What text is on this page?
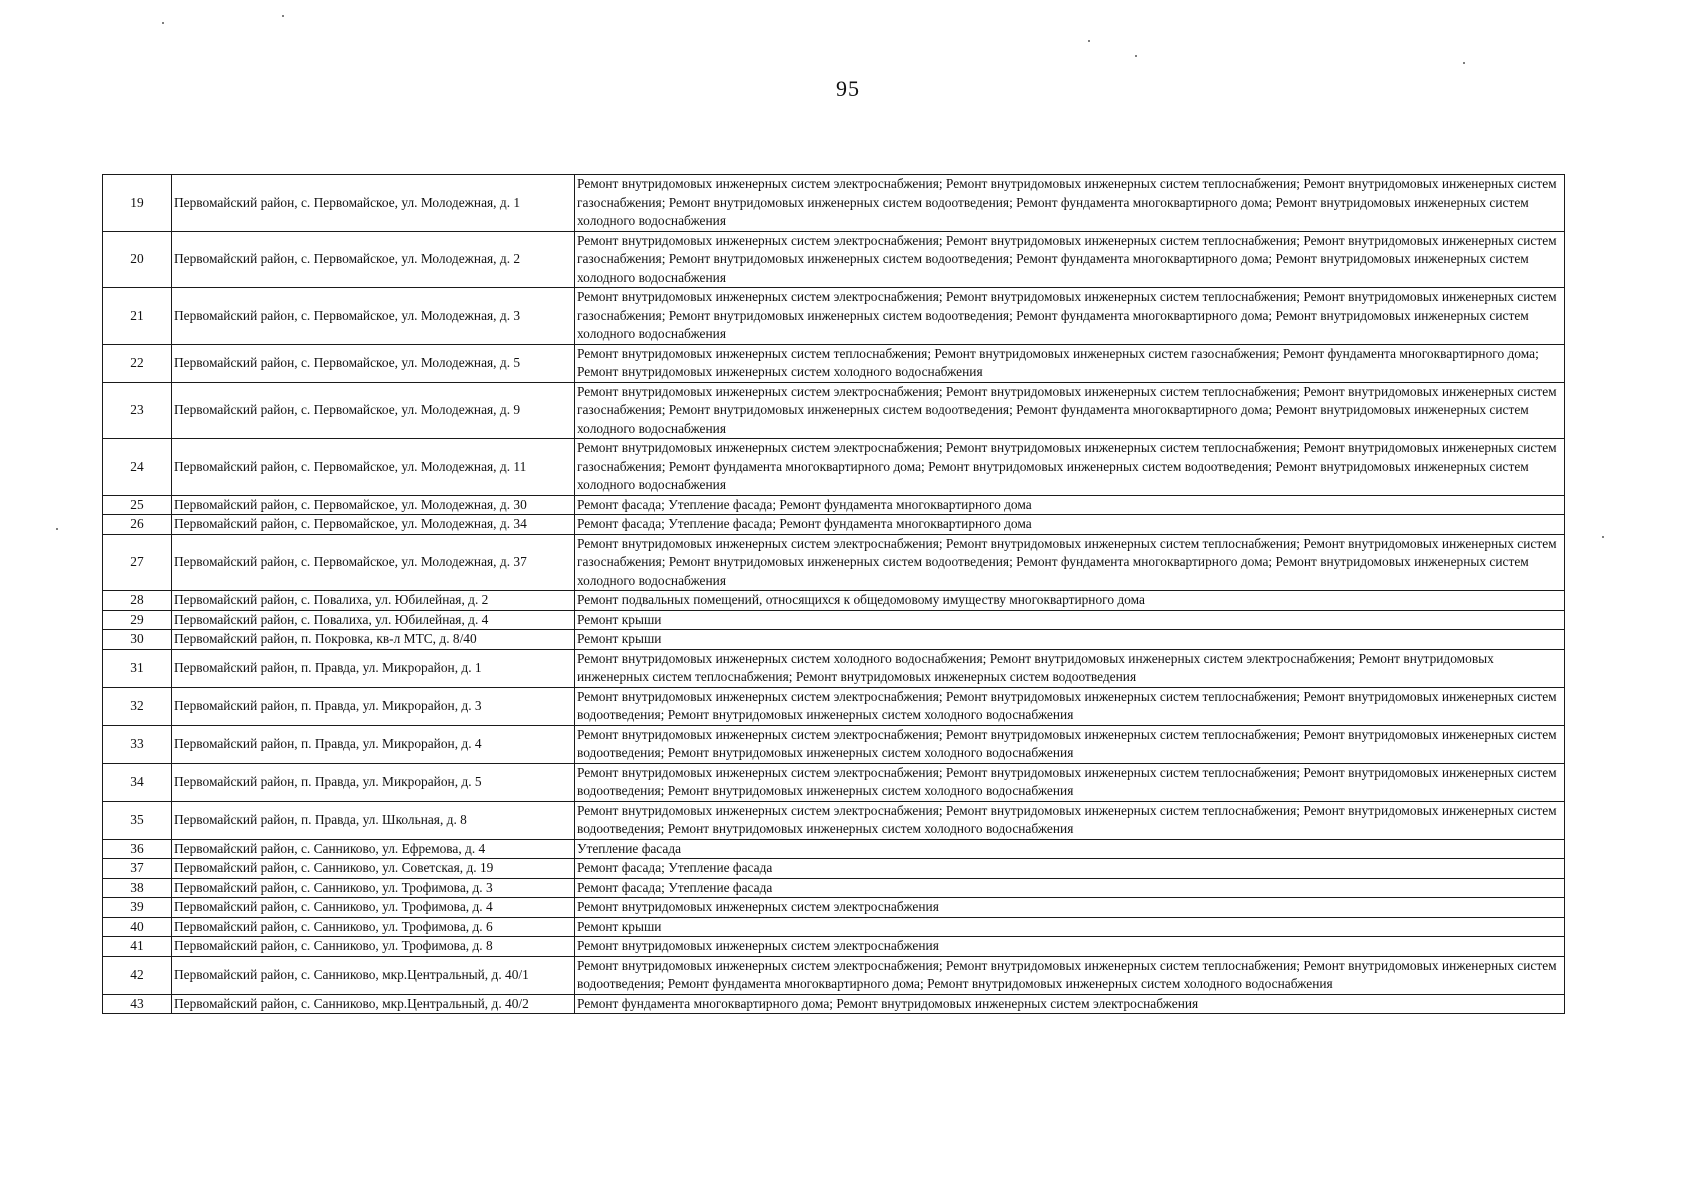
95
19	Первомайский район, с. Первомайское, ул. Молодежная, д. 1	Ремонт внутридомовых инженерных систем электроснабжения; Ремонт внутридомовых инженерных систем теплоснабжения; Ремонт внутридомовых инженерных систем газоснабжения; Ремонт внутридомовых инженерных систем водоотведения; Ремонт фундамента многоквартирного дома; Ремонт внутридомовых инженерных систем холодного водоснабжения
20	Первомайский район, с. Первомайское, ул. Молодежная, д. 2	Ремонт внутридомовых инженерных систем электроснабжения; Ремонт внутридомовых инженерных систем теплоснабжения; Ремонт внутридомовых инженерных систем газоснабжения; Ремонт внутридомовых инженерных систем водоотведения; Ремонт фундамента многоквартирного дома; Ремонт внутридомовых инженерных систем холодного водоснабжения
21	Первомайский район, с. Первомайское, ул. Молодежная, д. 3	Ремонт внутридомовых инженерных систем электроснабжения; Ремонт внутридомовых инженерных систем теплоснабжения; Ремонт внутридомовых инженерных систем газоснабжения; Ремонт внутридомовых инженерных систем водоотведения; Ремонт фундамента многоквартирного дома; Ремонт внутридомовых инженерных систем холодного водоснабжения
22	Первомайский район, с. Первомайское, ул. Молодежная, д. 5	Ремонт внутридомовых инженерных систем теплоснабжения; Ремонт внутридомовых инженерных систем газоснабжения; Ремонт фундамента многоквартирного дома; Ремонт внутридомовых инженерных систем холодного водоснабжения
23	Первомайский район, с. Первомайское, ул. Молодежная, д. 9	Ремонт внутридомовых инженерных систем электроснабжения; Ремонт внутридомовых инженерных систем теплоснабжения; Ремонт внутридомовых инженерных систем газоснабжения; Ремонт внутридомовых инженерных систем водоотведения; Ремонт фундамента многоквартирного дома; Ремонт внутридомовых инженерных систем холодного водоснабжения
24	Первомайский район, с. Первомайское, ул. Молодежная, д. 11	Ремонт внутридомовых инженерных систем электроснабжения; Ремонт внутридомовых инженерных систем теплоснабжения; Ремонт внутридомовых инженерных систем газоснабжения; Ремонт фундамента многоквартирного дома; Ремонт внутридомовых инженерных систем водоотведения; Ремонт внутридомовых инженерных систем холодного водоснабжения
25	Первомайский район, с. Первомайское, ул. Молодежная, д. 30	Ремонт фасада; Утепление фасада; Ремонт фундамента многоквартирного дома
26	Первомайский район, с. Первомайское, ул. Молодежная, д. 34	Ремонт фасада; Утепление фасада; Ремонт фундамента многоквартирного дома
27	Первомайский район, с. Первомайское, ул. Молодежная, д. 37	Ремонт внутридомовых инженерных систем электроснабжения; Ремонт внутридомовых инженерных систем теплоснабжения; Ремонт внутридомовых инженерных систем газоснабжения; Ремонт внутридомовых инженерных систем водоотведения; Ремонт фундамента многоквартирного дома; Ремонт внутридомовых инженерных систем холодного водоснабжения
28	Первомайский район, с. Повалиха, ул. Юбилейная, д. 2	Ремонт подвальных помещений, относящихся к общедомовому имуществу многоквартирного дома
29	Первомайский район, с. Повалиха, ул. Юбилейная, д. 4	Ремонт крыши
30	Первомайский район, п. Покровка, кв-л МТС, д. 8/40	Ремонт крыши
31	Первомайский район, п. Правда, ул. Микрорайон, д. 1	Ремонт внутридомовых инженерных систем холодного водоснабжения; Ремонт внутридомовых инженерных систем электроснабжения; Ремонт внутридомовых инженерных систем теплоснабжения; Ремонт внутридомовых инженерных систем водоотведения
32	Первомайский район, п. Правда, ул. Микрорайон, д. 3	Ремонт внутридомовых инженерных систем электроснабжения; Ремонт внутридомовых инженерных систем теплоснабжения; Ремонт внутридомовых инженерных систем водоотведения; Ремонт внутридомовых инженерных систем холодного водоснабжения
33	Первомайский район, п. Правда, ул. Микрорайон, д. 4	Ремонт внутридомовых инженерных систем электроснабжения; Ремонт внутридомовых инженерных систем теплоснабжения; Ремонт внутридомовых инженерных систем водоотведения; Ремонт внутридомовых инженерных систем холодного водоснабжения
34	Первомайский район, п. Правда, ул. Микрорайон, д. 5	Ремонт внутридомовых инженерных систем электроснабжения; Ремонт внутридомовых инженерных систем теплоснабжения; Ремонт внутридомовых инженерных систем водоотведения; Ремонт внутридомовых инженерных систем холодного водоснабжения
35	Первомайский район, п. Правда, ул. Школьная, д. 8	Ремонт внутридомовых инженерных систем электроснабжения; Ремонт внутридомовых инженерных систем теплоснабжения; Ремонт внутридомовых инженерных систем водоотведения; Ремонт внутридомовых инженерных систем холодного водоснабжения
36	Первомайский район, с. Санниково, ул. Ефремова, д. 4	Утепление фасада
37	Первомайский район, с. Санниково, ул. Советская, д. 19	Ремонт фасада; Утепление фасада
38	Первомайский район, с. Санниково, ул. Трофимова, д. 3	Ремонт фасада; Утепление фасада
39	Первомайский район, с. Санниково, ул. Трофимова, д. 4	Ремонт внутридомовых инженерных систем электроснабжения
40	Первомайский район, с. Санниково, ул. Трофимова, д. 6	Ремонт крыши
41	Первомайский район, с. Санниково, ул. Трофимова, д. 8	Ремонт внутридомовых инженерных систем электроснабжения
42	Первомайский район, с. Санниково, мкр.Центральный, д. 40/1	Ремонт внутридомовых инженерных систем электроснабжения; Ремонт внутридомовых инженерных систем теплоснабжения; Ремонт внутридомовых инженерных систем водоотведения; Ремонт фундамента многоквартирного дома; Ремонт внутридомовых инженерных систем холодного водоснабжения
43	Первомайский район, с. Санниково, мкр.Центральный, д. 40/2	Ремонт фундамента многоквартирного дома; Ремонт внутридомовых инженерных систем электроснабжения
